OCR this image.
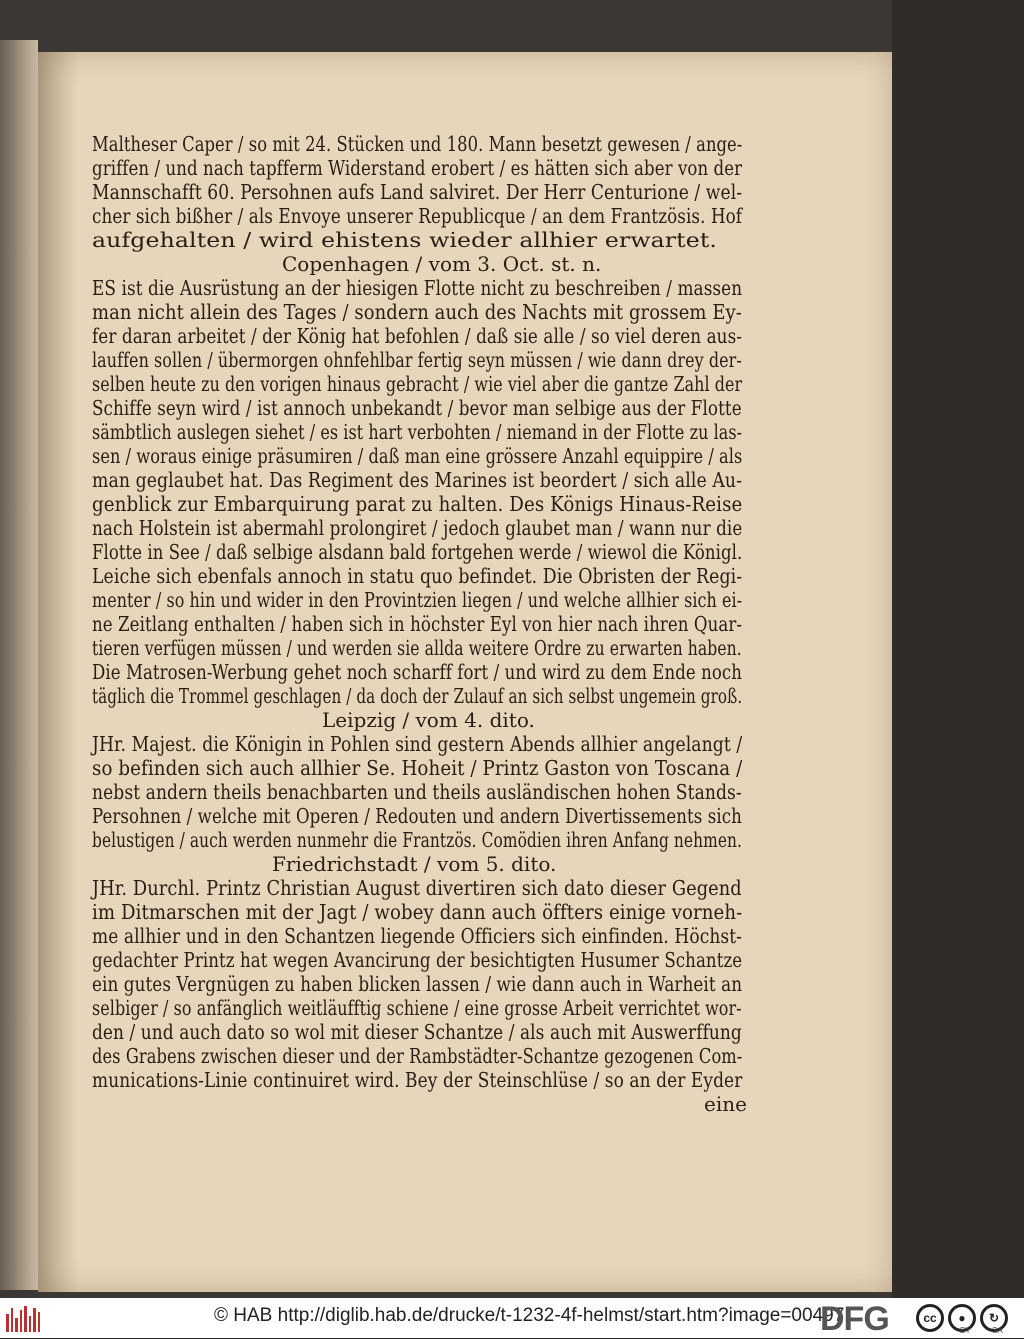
Maltheser Caper / so mit 24. Stücken und 180. Mann besetzt gewesen / ange-
griffen / und nach tapfferm Widerstand erobert / es hätten sich aber von der
Mannschafft 60. Persohnen aufs Land salviret. Der Herr Centurione / wel-
cher sich bißher / als Envoye unserer Republicque / an dem Frantzösis. Hof
aufgehalten / wird ehistens wieder allhier erwartet.
Copenhagen / vom 3. Oct. st. n.
ES ist die Ausrüstung an der hiesigen Flotte nicht zu beschreiben / massen
man nicht allein des Tages / sondern auch des Nachts mit grossem Ey-
fer daran arbeitet / der König hat befohlen / daß sie alle / so viel deren aus-
lauffen sollen / übermorgen ohnfehlbar fertig seyn müssen / wie dann drey der-
selben heute zu den vorigen hinaus gebracht / wie viel aber die gantze Zahl der
Schiffe seyn wird / ist annoch unbekandt / bevor man selbige aus der Flotte
sämbtlich auslegen siehet / es ist hart verbohten / niemand in der Flotte zu las-
sen / woraus einige präsumiren / daß man eine grössere Anzahl equippire / als
man geglaubet hat. Das Regiment des Marines ist beordert / sich alle Au-
genblick zur Embarquirung parat zu halten. Des Königs Hinaus-Reise
nach Holstein ist abermahl prolongiret / jedoch glaubet man / wann nur die
Flotte in See / daß selbige alsdann bald fortgehen werde / wiewol die Königl.
Leiche sich ebenfals annoch in statu quo befindet. Die Obristen der Regi-
menter / so hin und wider in den Provintzien liegen / und welche allhier sich ei-
ne Zeitlang enthalten / haben sich in höchster Eyl von hier nach ihren Quar-
tieren verfügen müssen / und werden sie allda weitere Ordre zu erwarten haben.
Die Matrosen-Werbung gehet noch scharff fort / und wird zu dem Ende noch
täglich die Trommel geschlagen / da doch der Zulauf an sich selbst ungemein groß.
Leipzig / vom 4. dito.
JHr. Majest. die Königin in Pohlen sind gestern Abends allhier angelangt /
so befinden sich auch allhier Se. Hoheit / Printz Gaston von Toscana /
nebst andern theils benachbarten und theils ausländischen hohen Stands-
Persohnen / welche mit Operen / Redouten und andern Divertissements sich
belustigen / auch werden nunmehr die Frantzös. Comödien ihren Anfang nehmen.
Friedrichstadt / vom 5. dito.
JHr. Durchl. Printz Christian August divertiren sich dato dieser Gegend
im Ditmarschen mit der Jagt / wobey dann auch öffters einige vorneh-
me allhier und in den Schantzen liegende Officiers sich einfinden. Höchst-
gedachter Printz hat wegen Avancirung der besichtigten Husumer Schantze
ein gutes Vergnügen zu haben blicken lassen / wie dann auch in Warheit an
selbiger / so anfänglich weitläufftig schiene / eine grosse Arbeit verrichtet wor-
den / und auch dato so wol mit dieser Schantze / als auch mit Auswerffung
des Grabens zwischen dieser und der Rambstädter-Schantze gezogenen Com-
munications-Linie continuiret wird. Bey der Steinschlüse / so an der Eyder
eine
© HAB http://diglib.hab.de/drucke/t-1232-4f-helmst/start.htm?image=00497
DFG	cc	●	↻
BY	SA
